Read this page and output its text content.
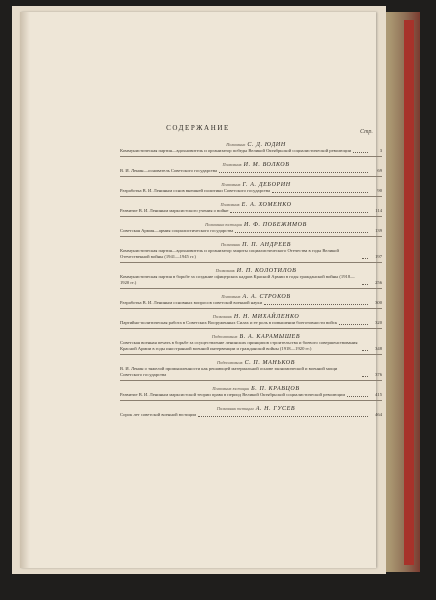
СОДЕРЖАНИЕ	Стр.
Полковник С. Д. ЮДИН
Коммунистическая партия—вдохновитель и организатор победы Великой Октябрьской социалистической революции	3
Полковник И. М. ВОЛКОВ
В. И. Ленин—основатель Советского государства	69
Полковник Г. А. ДЕБОРИН
Разработка В. И. Лениным основ внешней политики Советского государства	90
Полковник Е. А. ХОМЕНКО
Развитие В. И. Лениным марксистского учения о войне	114
Полковник юстиции И. Ф. ПОБЕЖИМОВ
Советская Армия—армия социалистического государства	139
Полковник П. П. АНДРЕЕВ
Коммунистическая партия—вдохновитель и организатор защиты социалистического Отечества в годы Великой Отечественной войны (1941—1945 гг.)	197
Полковник И. П. КОЛОТИЛОВ
Коммунистическая партия в борьбе за создание офицерских кадров Красной Армии в годы гражданской войны (1918—1920 гг.)	256
Полковник А. А. СТРОКОВ
Разработка В. И. Лениным основных вопросов советской военной науки	300
Полковник Н. Н. МИХАЙЛЕНКО
Партийно-политическая работа в Советских Вооруженных Силах и ее роль в повышении боеготовности войск	320
Подполковник В. А. КАРАМЫШЕВ
Советская военная печать в борьбе за осуществление ленинских принципов строительства и боевого совершенствования Красной Армии в годы иностранной военной интервенции и гражданской войны (1918—1920 гг.)	348
Подполковник С. П. МАНЬКОВ
В. И. Ленин о тяжелой промышленности как решающей материальной основе экономической и военной мощи Советского государства	376
Полковник юстиции Б. П. КРАВЦОВ
Развитие В. И. Лениным марксистской теории права в период Великой Октябрьской социалистической революции	415
Полковник юстиции А. Н. ГУСЕВ
Сорок лет советской военной юстиции	464
